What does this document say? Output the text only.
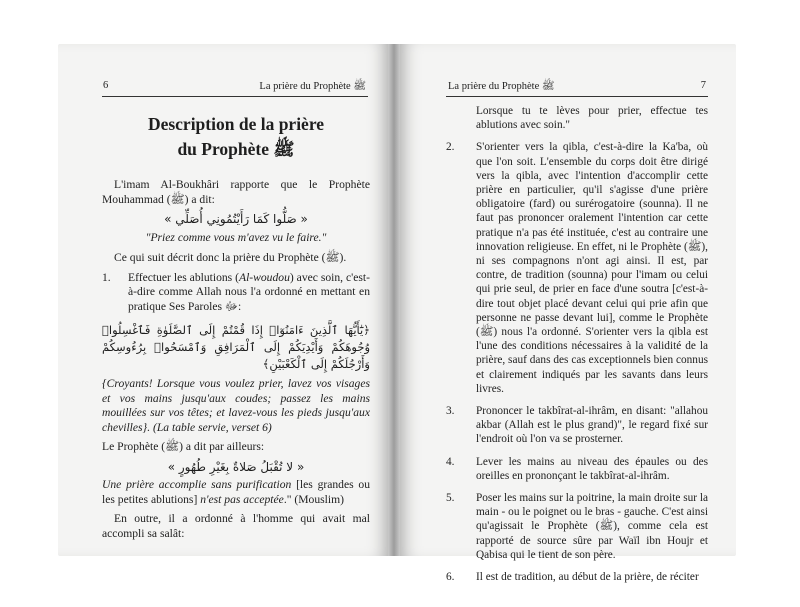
6	La prière du Prophète ﷺ
Description de la prière
du Prophète ﷺ

L'imam Al-Boukhâri rapporte que le Prophète Mouhammad (ﷺ) a dit:

« صَلُّوا كَمَا رَأَيْتُمُونِي أُصَلِّي »
"Priez comme vous m'avez vu le faire."

Ce qui suit décrit donc la prière du Prophète (ﷺ).

1. Effectuer les ablutions (Al-woudou) avec soin, c'est-à-dire comme Allah nous l'a ordonné en mettant en pratique Ses Paroles ﷻ:
﴿يَٰٓأَيُّهَا ٱلَّذِينَ ءَامَنُوٓا۟ إِذَا قُمْتُمْ إِلَى ٱلصَّلَوٰةِ فَٱغْسِلُوا۟ وُجُوهَكُمْ وَأَيْدِيَكُمْ إِلَى ٱلْمَرَافِقِ وَٱمْسَحُوا۟ بِرُءُوسِكُمْ وَأَرْجُلَكُمْ إِلَى ٱلْكَعْبَيْنِ﴾

{Croyants! Lorsque vous voulez prier, lavez vos visages et vos mains jusqu'aux coudes; passez les mains mouillées sur vos têtes; et lavez-vous les pieds jusqu'aux chevilles}. (La table servie, verset 6)

Le Prophète (ﷺ) a dit par ailleurs:

« لا تُقْبَلُ صَلاةٌ بِغَيْرِ طُهُورٍ »

Une prière accomplie sans purification [les grandes ou les petites ablutions] n'est pas acceptée." (Mouslim)

En outre, il a ordonné à l'homme qui avait mal accompli sa salât:

La prière du Prophète ﷺ	7

Lorsque tu te lèves pour prier, effectue tes ablutions avec soin."

2. S'orienter vers la qibla, c'est-à-dire la Ka'ba, où que l'on soit. L'ensemble du corps doit être dirigé vers la qibla, avec l'intention d'accomplir cette prière en particulier, qu'il s'agisse d'une prière obligatoire (fard) ou surérogatoire (sounna). Il ne faut pas prononcer oralement l'intention car cette pratique n'a pas été instituée, c'est au contraire une innovation religieuse. En effet, ni le Prophète (ﷺ), ni ses compagnons n'ont agi ainsi. Il est, par contre, de tradition (sounna) pour l'imam ou celui qui prie seul, de prier en face d'une soutra [c'est-à-dire tout objet placé devant celui qui prie afin que personne ne passe devant lui], comme le Prophète (ﷺ) nous l'a ordonné. S'orienter vers la qibla est l'une des conditions nécessaires à la validité de la prière, sauf dans des cas exceptionnels bien connus et clairement indiqués par les savants dans leurs livres.
3. Prononcer le takbîrat-al-ihrâm, en disant: "allahou akbar (Allah est le plus grand)", le regard fixé sur l'endroit où l'on va se prosterner.
4. Lever les mains au niveau des épaules ou des oreilles en prononçant le takbîrat-al-ihrâm.
5. Poser les mains sur la poitrine, la main droite sur la main - ou le poignet ou le bras - gauche. C'est ainsi qu'agissait le Prophète (ﷺ), comme cela est rapporté de source sûre par Waïl ibn Houjr et Qabisa qui le tient de son père.
6. Il est de tradition, au début de la prière, de réciter
